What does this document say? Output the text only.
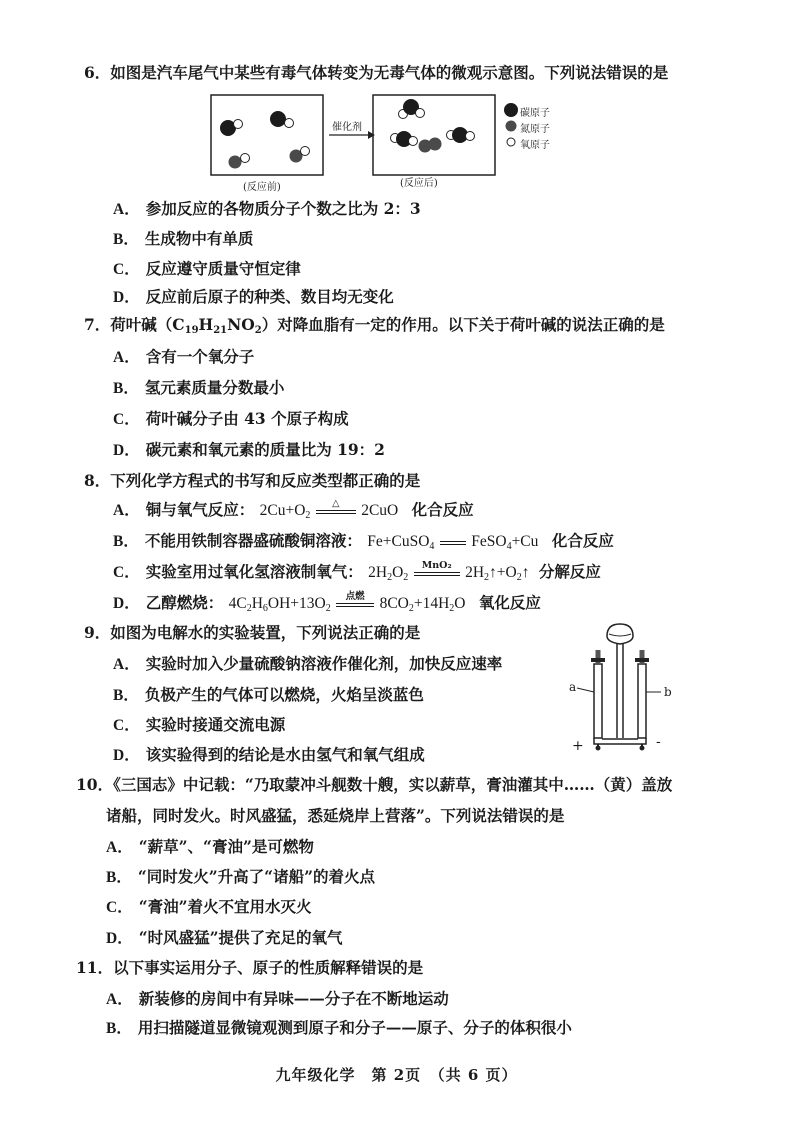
6．如图是汽车尾气中某些有毒气体转变为无毒气体的微观示意图。下列说法错误的是
催化剂
(反应前)	(反应后)
碳原子
氮原子
氧原子
A． 参加反应的各物质分子个数之比为 2：3
B． 生成物中有单质
C． 反应遵守质量守恒定律
D． 反应前后原子的种类、数目均无变化
7．荷叶碱$(C_{19}H_{21}NO_2)$对降血脂有一定的作用。以下关于荷叶碱的说法正确的是
A． 含有一个氧分子
B． 氢元素质量分数最小
C． 荷叶碱分子由 43 个原子构成
D． 碳元素和氧元素的质量比为 19：2
8．下列化学方程式的书写和反应类型都正确的是
A． 铜与氧气反应： $2Cu+O_2$
△	2CuO 化合反应
B． 不能用铁制容器盛硫酸铜溶液： Fe+CuSO$_4$ FeSO$_4$+Cu 化合反应
C． 实验室用过氧化氢溶液制氧气： $2H_2O_2$
MnO₂ $2H_2↑+O_2↑$ 分解反应
D． 乙醇燃烧： $4C_2H_6OH+13O_2$
点燃 $8CO_2+14H_2O$ 氧化反应
9．如图为电解水的实验装置，下列说法正确的是
a	b
+	-
A． 实验时加入少量硫酸钠溶液作催化剂，加快反应速率
B． 负极产生的气体可以燃烧，火焰呈淡蓝色
C． 实验时接通交流电源
D． 该实验得到的结论是水由氢气和氧气组成
10．《三国志》中记载：“乃取蒙冲斗舰数十艘，实以薪草，膏油灌其中……（黄）盖放
诸船，同时发火。时风盛猛，悉延烧岸上营落”。下列说法错误的是
A． “薪草”、“膏油”是可燃物
B． “同时发火”升高了“诸船”的着火点
C． “膏油”着火不宜用水灭火
D． “时风盛猛”提供了充足的氧气
11．以下事实运用分子、原子的性质解释错误的是
A． 新装修的房间中有异味——分子在不断地运动
B． 用扫描隧道显微镜观测到原子和分子——原子、分子的体积很小
九年级化学　第 2页　（共 6 页）
